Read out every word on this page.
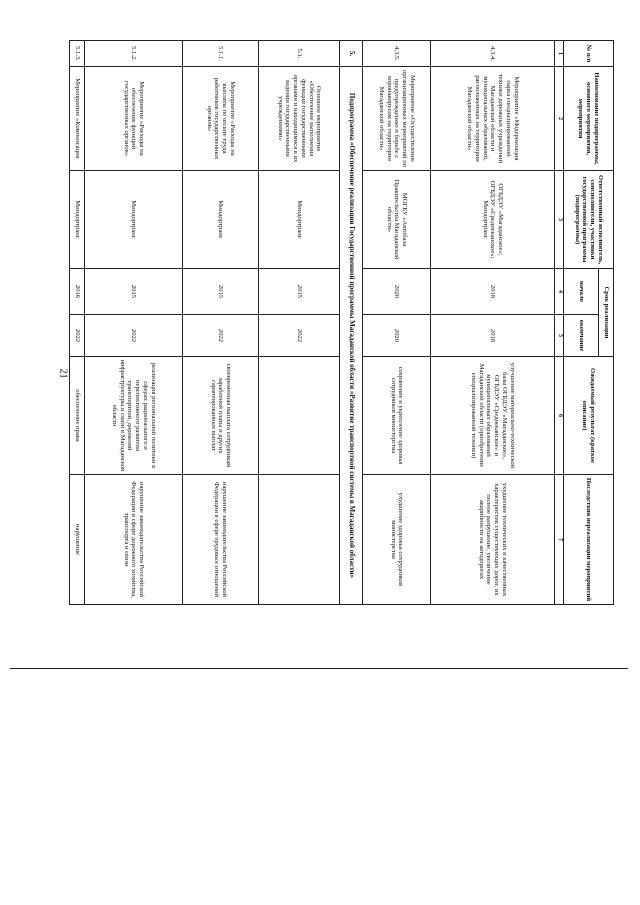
21
№ п/п	Наименование подпрограммы, основного мероприятия, мероприятия	Ответственный исполнитель, соисполнители, участники государственной программы (подпрограммы)	Срок реализации		Ожидаемый результат (краткое описание)	Последствия нереализации мероприятий
			начало	окончание		
1	2	3	4	5	6	7
4.3.4.	Мероприятие «Модернизация парка специализированной техники дорожных учреждений Магаданской области и муниципальных образований, расположенных на территории Магаданской области»	ОГБДЭУ «Магаданское»; ОГБДЭУ «Среднеканское»; Миндортранс	2018	2018	улучшение материально-технической базы ОГБДЭУ «Магаданское», ОГБДЭУ «Среднеканское» и муниципальных образований Магаданской области (приобретение специализированной техники)	ухудшение технических и качественных характеристик существующих дорог, их полное разрушение, увеличение аварийности на автодорогах
4.3.5.	Мероприятие «Осуществление организационных мероприятий по предупреждению и борьбе с коронавирусом на территории Магаданской области»	МОГБУ «Автобаза Правительства Магаданской области»	2020	2020	сохранение и укрепление здоровья сотрудников министерства	ухудшение здоровья сотрудников министерства
5.	Подпрограмма «Обеспечение реализации Государственной программы Магаданской области «Развитие транспортной системы в Магаданской области»					
5.1.	Основное мероприятие «Обеспечение выполнения функций государственными органами и находящимися в их ведении государственными учреждениями»	Миндортранс	2015	2022		
5.1.1.	Мероприятие «Расходы на выплаты по оплате труда работников государственных органов»	Миндортранс	2015	2022	своевременная выплата сотрудникам заработной платы и других гарантированных выплат	нарушение законодательства Российской Федерации в сфере трудовых отношений
5.1.2.	Мероприятие «Расходы на обеспечение функций государственных органов»	Миндортранс	2015	2022	реализация региональной политики в сферах рационального и перспективного развития транспортной, дорожной инфраструктуры и связи в Магаданской области	нарушение законодательства Российской Федерации в сфере дорожного хозяйства, транспорта и связи
5.1.3.	Мероприятие «Компенсация	Миндортранс	2016	2022	обеспечение права	нарушение
